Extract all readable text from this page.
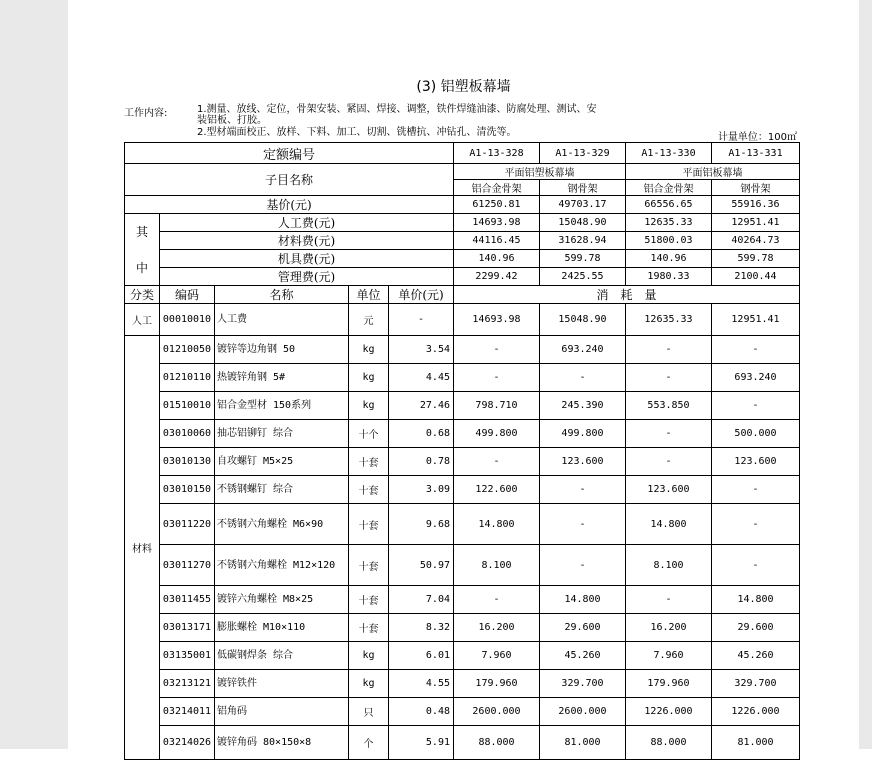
(3) 铝塑板幕墙
工作内容:	1.测量、放线、定位，骨架安装、紧固、焊接、调整，铁件焊缝油漆、防腐处理、测试、安
装铝板、打胶。
2.型材端面校正、放样、下料、加工、切割、铣槽抗、冲钻孔、清洗等。	计量单位：100㎡
定额编号					A1-13-328	A1-13-329	A1-13-330	A1-13-331
子目名称					平面铝塑板幕墙		平面铝板幕墙	
					铝合金骨架	钢骨架	铝合金骨架	钢骨架
基价(元)					61250.81	49703.17	66556.65	55916.36
其	人工费(元)				14693.98	15048.90	12635.33	12951.41
	材料费(元)				44116.45	31628.94	51800.03	40264.73
中	机具费(元)				140.96	599.78	140.96	599.78
	管理费(元)				2299.42	2425.55	1980.33	2100.44
分类	编码	名称	单位	单价(元)	消　耗　量			
人工	00010010	人工费	元	-	14693.98	15048.90	12635.33	12951.41
材料	01210050	镀锌等边角钢 50	kg	3.54	-	693.240	-	-
	01210110	热镀锌角钢 5#	kg	4.45	-	-	-	693.240
	01510010	铝合金型材 150系列	kg	27.46	798.710	245.390	553.850	-
	03010060	抽芯铝铆钉 综合	十个	0.68	499.800	499.800	-	500.000
	03010130	自攻螺钉 M5×25	十套	0.78	-	123.600	-	123.600
	03010150	不锈钢螺钉 综合	十套	3.09	122.600	-	123.600	-
	03011220	不锈钢六角螺栓 M6×90	十套	9.68	14.800	-	14.800	-
	03011270	不锈钢六角螺栓 M12×120	十套	50.97	8.100	-	8.100	-
	03011455	镀锌六角螺栓 M8×25	十套	7.04	-	14.800	-	14.800
	03013171	膨胀螺栓 M10×110	十套	8.32	16.200	29.600	16.200	29.600
	03135001	低碳钢焊条 综合	kg	6.01	7.960	45.260	7.960	45.260
	03213121	镀锌铁件	kg	4.55	179.960	329.700	179.960	329.700
	03214011	铝角码	只	0.48	2600.000	2600.000	1226.000	1226.000
	03214026	镀锌角码 80×150×8	个	5.91	88.000	81.000	88.000	81.000
